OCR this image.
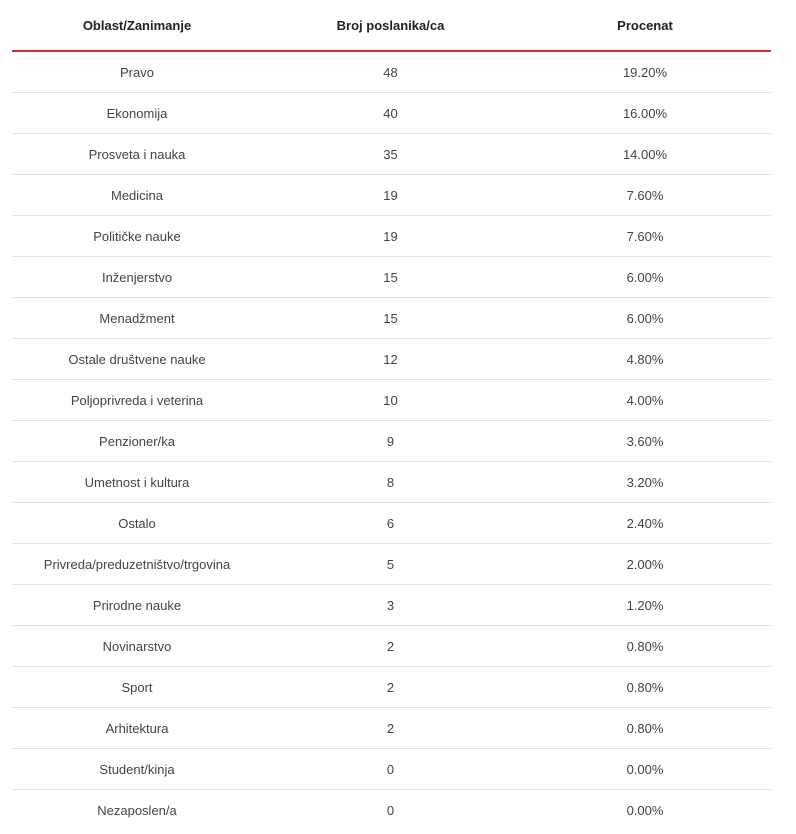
Oblast/Zanimanje	Broj poslanika/ca	Procenat
Pravo	48	19.20%
Ekonomija	40	16.00%
Prosveta i nauka	35	14.00%
Medicina	19	7.60%
Političke nauke	19	7.60%
Inženjerstvo	15	6.00%
Menadžment	15	6.00%
Ostale društvene nauke	12	4.80%
Poljoprivreda i veterina	10	4.00%
Penzioner/ka	9	3.60%
Umetnost i kultura	8	3.20%
Ostalo	6	2.40%
Privreda/preduzetništvo/trgovina	5	2.00%
Prirodne nauke	3	1.20%
Novinarstvo	2	0.80%
Sport	2	0.80%
Arhitektura	2	0.80%
Student/kinja	0	0.00%
Nezaposlen/a	0	0.00%
